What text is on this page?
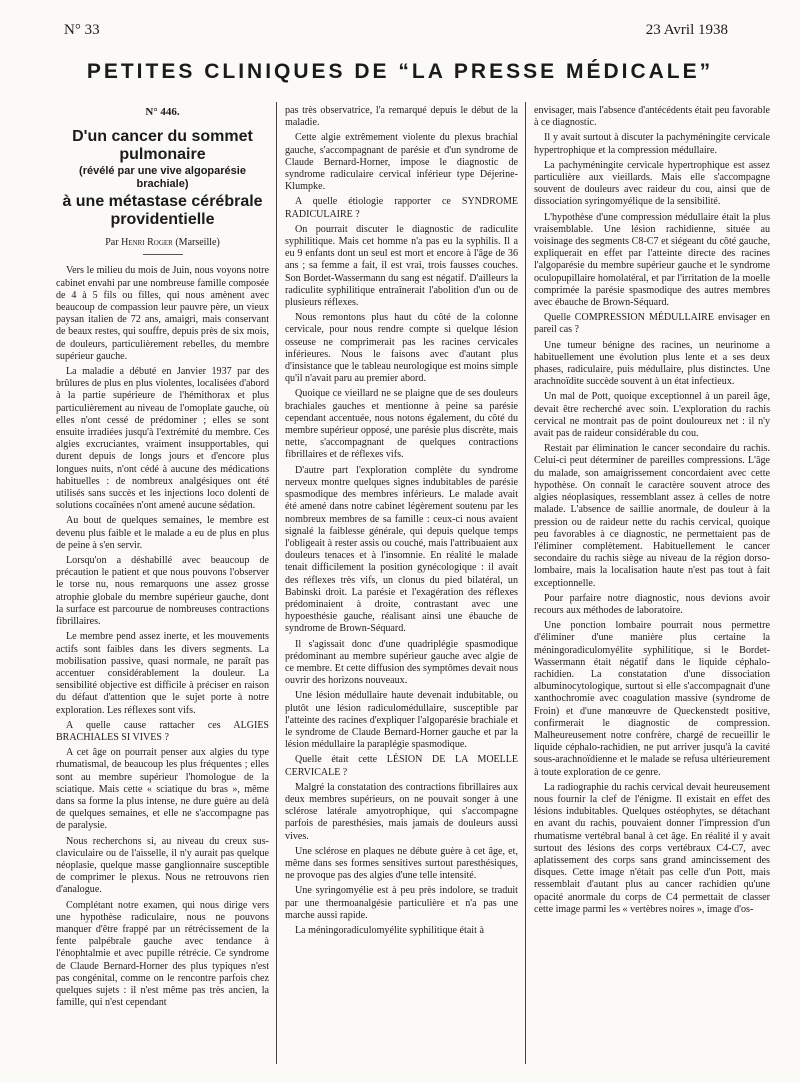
N° 33	23 Avril 1938
PETITES CLINIQUES DE “LA PRESSE MÉDICALE”
N° 446.
D'un cancer du sommet pulmonaire
(révélé par une vive algoparésie brachiale)
à une métastase cérébrale providentielle
Par Henri Roger (Marseille)

Vers le milieu du mois de Juin, nous voyons notre cabinet envahi par une nombreuse famille composée de 4 à 5 fils ou filles, qui nous amènent avec beaucoup de compassion leur pauvre père, un vieux paysan italien de 72 ans, amaigri, mais conservant de beaux restes, qui souffre, depuis près de six mois, de douleurs, particulièrement rebelles, du membre supérieur gauche.

La maladie a débuté en Janvier 1937 par des brûlures de plus en plus violentes, localisées d'abord à la partie supérieure de l'hémithorax et plus particulièrement au niveau de l'omoplate gauche, où elles n'ont cessé de prédominer ; elles se sont ensuite irradiées jusqu'à l'extrémité du membre. Ces algies excruciantes, vraiment insupportables, qui durent depuis de longs jours et d'encore plus longues nuits, n'ont cédé à aucune des médications habituelles : de nombreux analgésiques ont été utilisés sans succès et les injections loco dolenti de solutions cocaïnées n'ont amené aucune sédation.

Au bout de quelques semaines, le membre est devenu plus faible et le malade a eu de plus en plus de peine à s'en servir.

Lorsqu'on a déshabillé avec beaucoup de précaution le patient et que nous pouvons l'observer le torse nu, nous remarquons une assez grosse atrophie globale du membre supérieur gauche, dont la surface est parcourue de nombreuses contractions fibrillaires.

Le membre pend assez inerte, et les mouvements actifs sont faibles dans les divers segments. La mobilisation passive, quasi normale, ne paraît pas accentuer considérablement la douleur. La sensibilité objective est difficile à préciser en raison du défaut d'attention que le sujet porte à notre exploration. Les réflexes sont vifs.

A quelle cause rattacher ces ALGIES BRACHIALES SI VIVES ?

A cet âge on pourrait penser aux algies du type rhumatismal, de beaucoup les plus fréquentes ; elles sont au membre supérieur l'homologue de la sciatique. Mais cette « sciatique du bras », même dans sa forme la plus intense, ne dure guère au delà de quelques semaines, et elle ne s'accompagne pas de paralysie.

Nous recherchons si, au niveau du creux sus-claviculaire ou de l'aisselle, il n'y aurait pas quelque néoplasie, quelque masse ganglionnaire susceptible de comprimer le plexus. Nous ne retrouvons rien d'analogue.

Complétant notre examen, qui nous dirige vers une hypothèse radiculaire, nous ne pouvons manquer d'être frappé par un rétrécissement de la fente palpébrale gauche avec tendance à l'énophtalmie et avec pupille rétrécie. Ce syndrome de Claude Bernard-Horner des plus typiques n'est pas congénital, comme on le rencontre parfois chez quelques sujets : il n'est même pas très ancien, la famille, qui n'est cependant

pas très observatrice, l'a remarqué depuis le début de la maladie.

Cette algie extrêmement violente du plexus brachial gauche, s'accompagnant de parésie et d'un syndrome de Claude Bernard-Horner, impose le diagnostic de syndrome radiculaire cervical inférieur type Déjerine-Klumpke.

A quelle étiologie rapporter ce SYNDROME RADICULAIRE ?

On pourrait discuter le diagnostic de radiculite syphilitique. Mais cet homme n'a pas eu la syphilis. Il a eu 9 enfants dont un seul est mort et encore à l'âge de 36 ans ; sa femme a fait, il est vrai, trois fausses couches. Son Bordet-Wassermann du sang est négatif. D'ailleurs la radiculite syphilitique entraînerait l'abolition d'un ou de plusieurs réflexes.

Nous remontons plus haut du côté de la colonne cervicale, pour nous rendre compte si quelque lésion osseuse ne comprimerait pas les racines cervicales inférieures. Nous le faisons avec d'autant plus d'insistance que le tableau neurologique est moins simple qu'il n'avait paru au premier abord.

Quoique ce vieillard ne se plaigne que de ses douleurs brachiales gauches et mentionne à peine sa parésie cependant accentuée, nous notons également, du côté du membre supérieur opposé, une parésie plus discrète, mais nette, s'accompagnant de quelques contractions fibrillaires et de réflexes vifs.

D'autre part l'exploration complète du syndrome nerveux montre quelques signes indubitables de parésie spasmodique des membres inférieurs. Le malade avait été amené dans notre cabinet légèrement soutenu par les nombreux membres de sa famille : ceux-ci nous avaient signalé la faiblesse générale, qui depuis quelque temps l'obligeait à rester assis ou couché, mais l'attribuaient aux douleurs tenaces et à l'insomnie. En réalité le malade tenait difficilement la position gynécologique : il avait des réflexes très vifs, un clonus du pied bilatéral, un Babinski droit. La parésie et l'exagération des réflexes prédominaient à droite, contrastant avec une hypoesthésie gauche, réalisant ainsi une ébauche de syndrome de Brown-Séquard.

Il s'agissait donc d'une quadriplégie spasmodique prédominant au membre supérieur gauche avec algie de ce membre. Et cette diffusion des symptômes devait nous ouvrir des horizons nouveaux.

Une lésion médullaire haute devenait indubitable, ou plutôt une lésion radiculomédullaire, susceptible par l'atteinte des racines d'expliquer l'algoparésie brachiale et le syndrome de Claude Bernard-Horner gauche et par la lésion médullaire la paraplégie spasmodique.

Quelle était cette LÉSION DE LA MOELLE CERVICALE ?

Malgré la constatation des contractions fibrillaires aux deux membres supérieurs, on ne pouvait songer à une sclérose latérale amyotrophique, qui s'accompagne parfois de paresthésies, mais jamais de douleurs aussi vives.

Une sclérose en plaques ne débute guère à cet âge, et, même dans ses formes sensitives surtout paresthésiques, ne provoque pas des algies d'une telle intensité.

Une syringomyélie est à peu près indolore, se traduit par une thermoanalgésie particulière et n'a pas une marche aussi rapide.

La méningoradiculomyélite syphilitique était à

envisager, mais l'absence d'antécédents était peu favorable à ce diagnostic.

Il y avait surtout à discuter la pachyméningite cervicale hypertrophique et la compression médullaire.

La pachyméningite cervicale hypertrophique est assez particulière aux vieillards. Mais elle s'accompagne souvent de douleurs avec raideur du cou, ainsi que de dissociation syringomyélique de la sensibilité.

L'hypothèse d'une compression médullaire était la plus vraisemblable. Une lésion rachidienne, située au voisinage des segments C8-C7 et siégeant du côté gauche, expliquerait en effet par l'atteinte directe des racines l'algoparésie du membre supérieur gauche et le syndrome oculopupillaire homolatéral, et par l'irritation de la moelle comprimée la parésie spasmodique des autres membres avec ébauche de Brown-Séquard.

Quelle COMPRESSION MÉDULLAIRE envisager en pareil cas ?

Une tumeur bénigne des racines, un neurinome a habituellement une évolution plus lente et a ses deux phases, radiculaire, puis médullaire, plus distinctes. Une arachnoïdite succède souvent à un état infectieux.

Un mal de Pott, quoique exceptionnel à un pareil âge, devait être recherché avec soin. L'exploration du rachis cervical ne montrait pas de point douloureux net : il n'y avait pas de raideur considérable du cou.

Restait par élimination le cancer secondaire du rachis. Celui-ci peut déterminer de pareilles compressions. L'âge du malade, son amaigrissement concordaient avec cette hypothèse. On connaît le caractère souvent atroce des algies néoplasiques, ressemblant assez à celles de notre malade. L'absence de saillie anormale, de douleur à la pression ou de raideur nette du rachis cervical, quoique peu favorables à ce diagnostic, ne permettaient pas de l'éliminer complètement. Habituellement le cancer secondaire du rachis siège au niveau de la région dorso-lombaire, mais la localisation haute n'est pas tout à fait exceptionnelle.

Pour parfaire notre diagnostic, nous devions avoir recours aux méthodes de laboratoire.

Une ponction lombaire pourrait nous permettre d'éliminer d'une manière plus certaine la méningoradiculomyélite syphilitique, si le Bordet-Wassermann était négatif dans le liquide céphalo-rachidien. La constatation d'une dissociation albuminocytologique, surtout si elle s'accompagnait d'une xanthochromie avec coagulation massive (syndrome de Froin) et d'une manœuvre de Queckenstedt positive, confirmerait le diagnostic de compression. Malheureusement notre confrère, chargé de recueillir le liquide céphalo-rachidien, ne put arriver jusqu'à la cavité sous-arachnoïdienne et le malade se refusa ultérieurement à toute exploration de ce genre.

La radiographie du rachis cervical devait heureusement nous fournir la clef de l'énigme. Il existait en effet des lésions indubitables. Quelques ostéophytes, se détachant en avant du rachis, pouvaient donner l'impression d'un rhumatisme vertébral banal à cet âge. En réalité il y avait surtout des lésions des corps vertébraux C4-C7, avec aplatissement des corps sans grand amincissement des disques. Cette image n'était pas celle d'un Pott, mais ressemblait d'autant plus au cancer rachidien qu'une opacité anormale du corps de C4 permettait de classer cette image parmi les « vertèbres noires », image d'os-
